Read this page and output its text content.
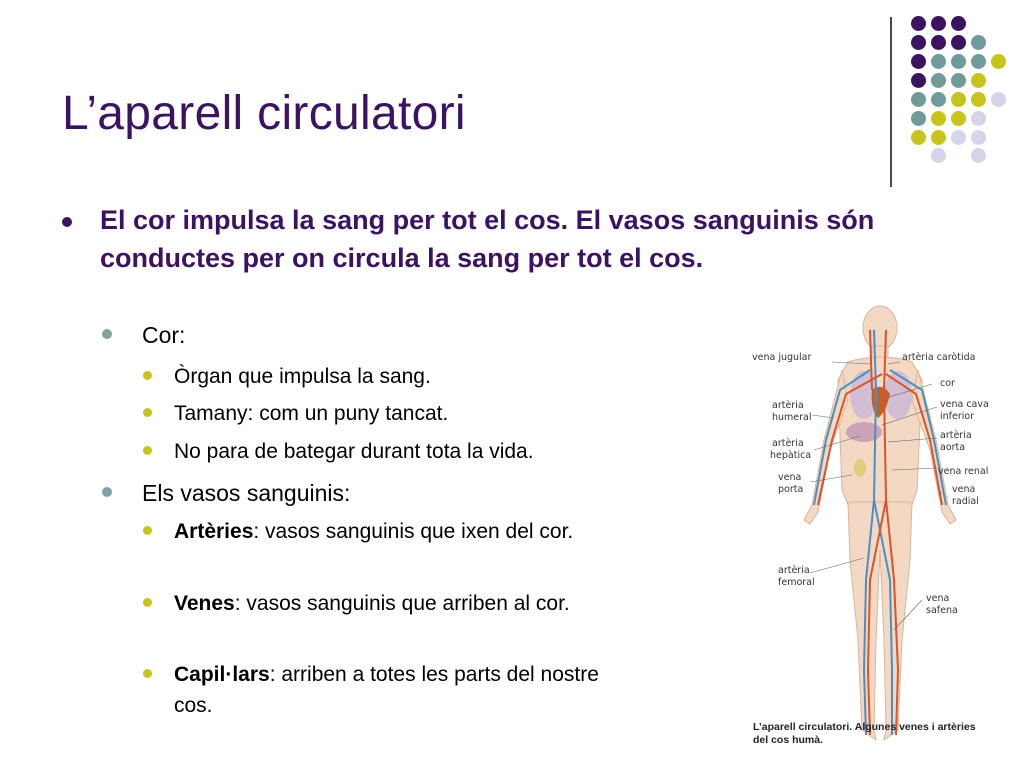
L’aparell circulatori
El cor impulsa la sang per tot el cos. El vasos sanguinis són conductes per on circula la sang per tot el cos.
Cor:
Òrgan que impulsa la sang.
Tamany: com un puny tancat.
No para de bategar durant tota la vida.
Els vasos sanguinis:
Artèries: vasos sanguinis que ixen del cor.
Venes: vasos sanguinis que arriben al cor.
Capil·lars: arriben a totes les parts del nostre cos.
vena jugular	artèria caròtida
cor
artèria
humeral
vena cava
inferior
artèria
hepàtica
artèria
aorta
vena renal
vena
porta	vena
radial
artèria
femoral
vena
safena
L’aparell circulatori. Algunes venes i artèries
del cos humà.
